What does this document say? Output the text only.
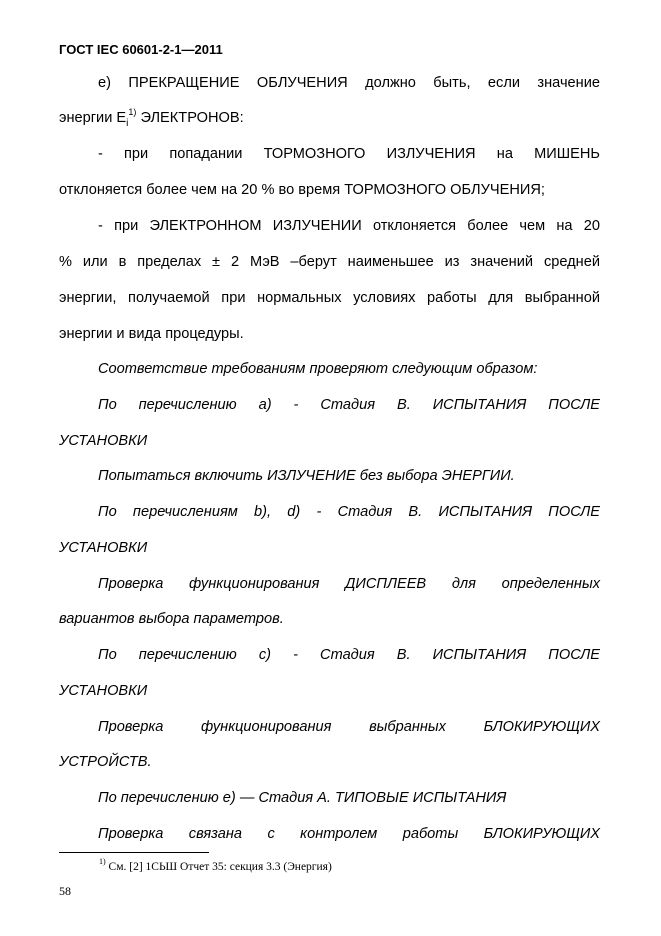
ГОСТ IEC 60601-2-1—2011

е) ПРЕКРАЩЕНИЕ ОБЛУЧЕНИЯ должно быть, если значение

энергии $E_i^{1)}$ ЭЛЕКТРОНОВ:

- при попадании ТОРМОЗНОГО ИЗЛУЧЕНИЯ на МИШЕНЬ

отклоняется более чем на 20 % во время ТОРМОЗНОГО ОБЛУЧЕНИЯ;

- при ЭЛЕКТРОННОМ ИЗЛУЧЕНИИ отклоняется более чем на 20

% или в пределах ± 2 МэВ –берут наименьшее из значений средней

энергии, получаемой при нормальных условиях работы для выбранной

энергии и вида процедуры.

Соответствие требованиям проверяют следующим образом:

По перечислению а) - Стадия В. ИСПЫТАНИЯ ПОСЛЕ

УСТАНОВКИ

Попытаться включить ИЗЛУЧЕНИЕ без выбора ЭНЕРГИИ.

По перечислениям b), d) - Стадия В. ИСПЫТАНИЯ ПОСЛЕ

УСТАНОВКИ

Проверка функционирования ДИСПЛЕЕВ для определенных

вариантов выбора параметров.

По перечислению с) - Стадия В. ИСПЫТАНИЯ ПОСЛЕ

УСТАНОВКИ

Проверка функционирования выбранных БЛОКИРУЮЩИХ

УСТРОЙСТВ.

По перечислению е) — Стадия А. ТИПОВЫЕ ИСПЫТАНИЯ

Проверка связана с контролем работы БЛОКИРУЮЩИХ

$^{1)}$ См. [2] 1СЬШ Отчет 35: секция 3.3 (Энергия)
58
